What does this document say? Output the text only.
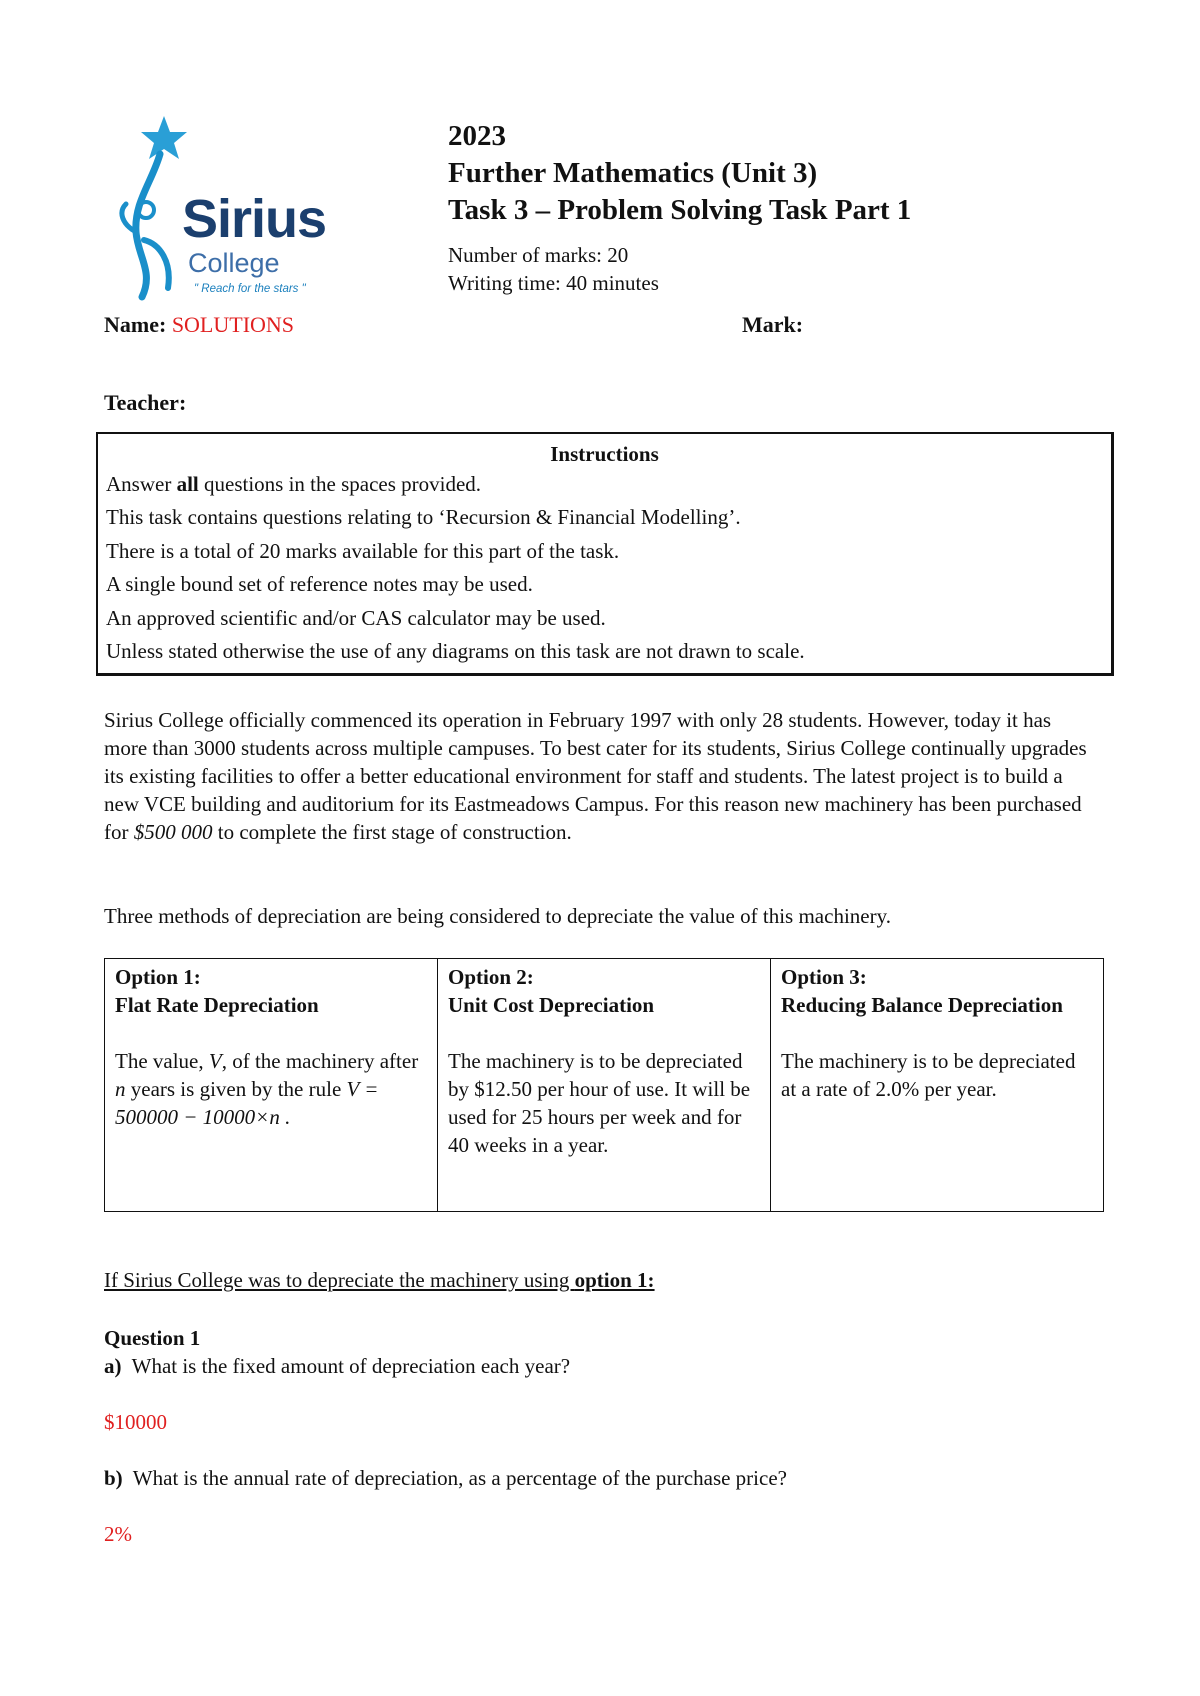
Sirius
College
" Reach for the stars "
2023
Further Mathematics (Unit 3)
Task 3 – Problem Solving Task Part 1
Number of marks: 20
Writing time: 40 minutes
Name: SOLUTIONS	Mark:
Teacher:
Instructions
Answer all questions in the spaces provided.
This task contains questions relating to ‘Recursion & Financial Modelling’.
There is a total of 20 marks available for this part of the task.
A single bound set of reference notes may be used.
An approved scientific and/or CAS calculator may be used.
Unless stated otherwise the use of any diagrams on this task are not drawn to scale.
Sirius College officially commenced its operation in February 1997 with only 28 students. However, today it has more than 3000 students across multiple campuses. To best cater for its students, Sirius College continually upgrades its existing facilities to offer a better educational environment for staff and students. The latest project is to build a new VCE building and auditorium for its Eastmeadows Campus. For this reason new machinery has been purchased for $500 000 to complete the first stage of construction.
Three methods of depreciation are being considered to depreciate the value of this machinery.
Option 1:
Flat Rate Depreciation
The value, V, of the machinery after n years is given by the rule V = 500000 − 10000×n .

Option 2:
Unit Cost Depreciation
The machinery is to be depreciated by $12.50 per hour of use. It will be used for 25 hours per week and for 40 weeks in a year.

Option 3:
Reducing Balance Depreciation
The machinery is to be depreciated at a rate of 2.0% per year.
If Sirius College was to depreciate the machinery using option 1:
Question 1
a)  What is the fixed amount of depreciation each year?
$10000
b)  What is the annual rate of depreciation, as a percentage of the purchase price?
2%
